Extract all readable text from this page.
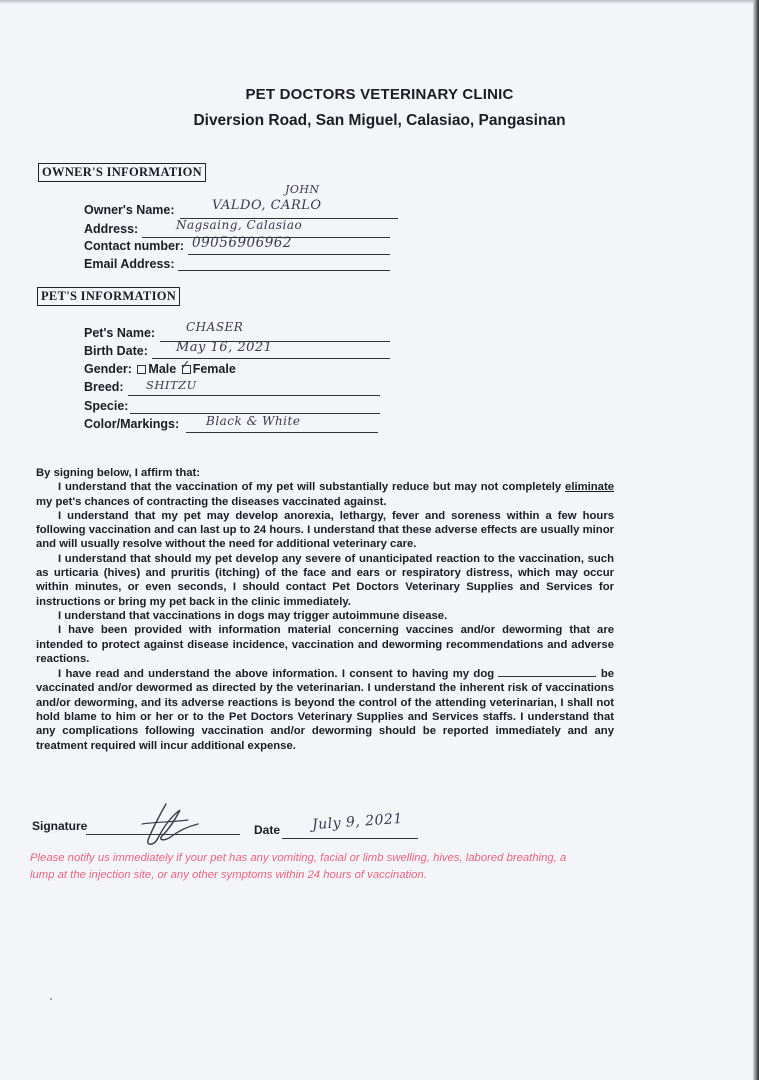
PET DOCTORS VETERINARY CLINIC
Diversion Road, San Miguel, Calasiao, Pangasinan
OWNER'S INFORMATION
JOHN
Owner's Name:	VALDO, CARLO
Address:	Nagsaing, Calasiao
Contact number: 09056906962
Email Address:
PET'S INFORMATION
Pet's Name:	CHASER
Birth Date: May 16, 2021
Gender: Male ✓ Female
Breed: SHITZU
Specie:
Color/Markings: Black & White

By signing below, I affirm that:

I understand that the vaccination of my pet will substantially reduce but may not completely eliminate my pet's chances of contracting the diseases vaccinated against.

I understand that my pet may develop anorexia, lethargy, fever and soreness within a few hours following vaccination and can last up to 24 hours. I understand that these adverse effects are usually minor and will usually resolve without the need for additional veterinary care.

I understand that should my pet develop any severe of unanticipated reaction to the vaccination, such as urticaria (hives) and pruritis (itching) of the face and ears or respiratory distress, which may occur within minutes, or even seconds, I should contact Pet Doctors Veterinary Supplies and Services for instructions or bring my pet back in the clinic immediately.

I understand that vaccinations in dogs may trigger autoimmune disease.

I have been provided with information material concerning vaccines and/or deworming that are intended to protect against disease incidence, vaccination and deworming recommendations and adverse reactions.

I have read and understand the above information. I consent to having my dog	be vaccinated and/or dewormed as directed by the veterinarian. I understand the inherent risk of vaccinations and/or deworming, and its adverse reactions is beyond the control of the attending veterinarian, I shall not hold blame to him or her or to the Pet Doctors Veterinary Supplies and Services staffs. I understand that any complications following vaccination and/or deworming should be reported immediately and any treatment required will incur additional expense.

Signature	Date July 9, 2021
Please notify us immediately if your pet has any vomiting, facial or limb swelling, hives, labored breathing, a lump at the injection site, or any other symptoms within 24 hours of vaccination.
